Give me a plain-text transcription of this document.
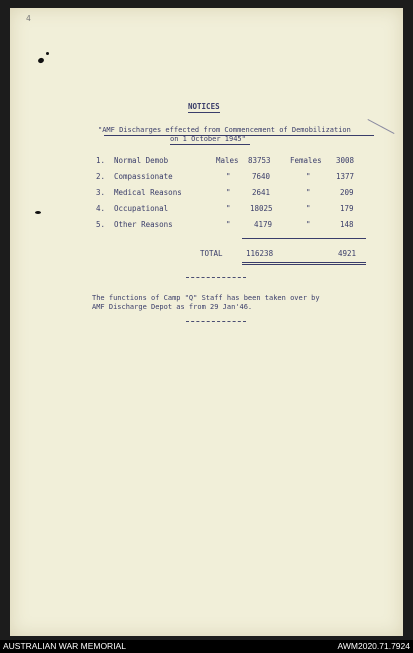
4
NOTICES
"AMF Discharges effected from Commencement of Demobilization
on 1 October 1945"
1. Normal Demob	Males 83753	Females 3008
2. Compassionate	"	7640	"	1377
3. Medical Reasons	"	2641	"	209
4. Occupational	"	18025	"	179
5. Other Reasons	"	4179	"	148
TOTAL	116238	4921
The functions of Camp "Q" Staff has been taken over by
AMF Discharge Depot as from 29 Jan'46.
AUSTRALIAN WAR MEMORIAL	AWM2020.71.7924
